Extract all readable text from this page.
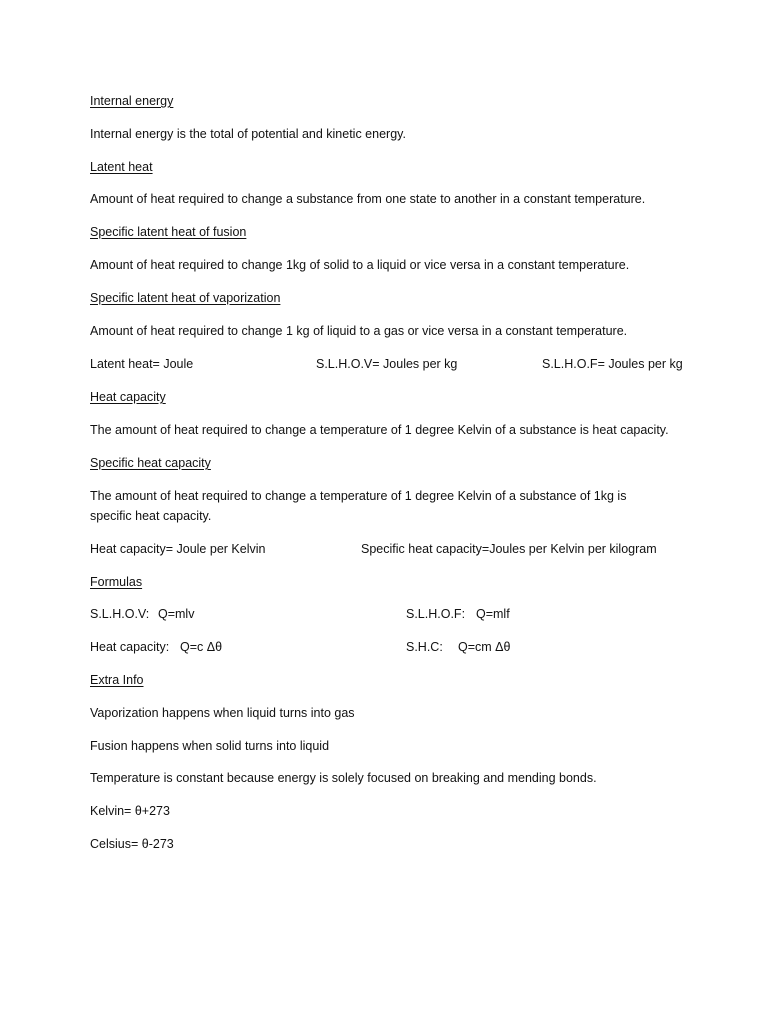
Internal energy
Internal energy is the total of potential and kinetic energy.
Latent heat
Amount of heat required to change a substance from one state to another in a constant temperature.
Specific latent heat of fusion
Amount of heat required to change 1kg of solid to a liquid or vice versa in a constant temperature.
Specific latent heat of vaporization
Amount of heat required to change 1 kg of liquid to a gas or vice versa in a constant temperature.
Latent heat= Joule	S.L.H.O.V= Joules per kg	S.L.H.O.F= Joules per kg
Heat capacity
The amount of heat required to change a temperature of 1 degree Kelvin of a substance is heat capacity.
Specific heat capacity
The amount of heat required to change a temperature of 1 degree Kelvin of a substance of 1kg is specific heat capacity.
Heat capacity= Joule per Kelvin	Specific heat capacity=Joules per Kelvin per kilogram
Formulas
S.L.H.O.V: Q=mlv	S.L.H.O.F: Q=mlf
Heat capacity: Q=c Δθ	S.H.C: Q=cm Δθ
Extra Info
Vaporization happens when liquid turns into gas
Fusion happens when solid turns into liquid
Temperature is constant because energy is solely focused on breaking and mending bonds.
Kelvin= θ+273
Celsius= θ-273
